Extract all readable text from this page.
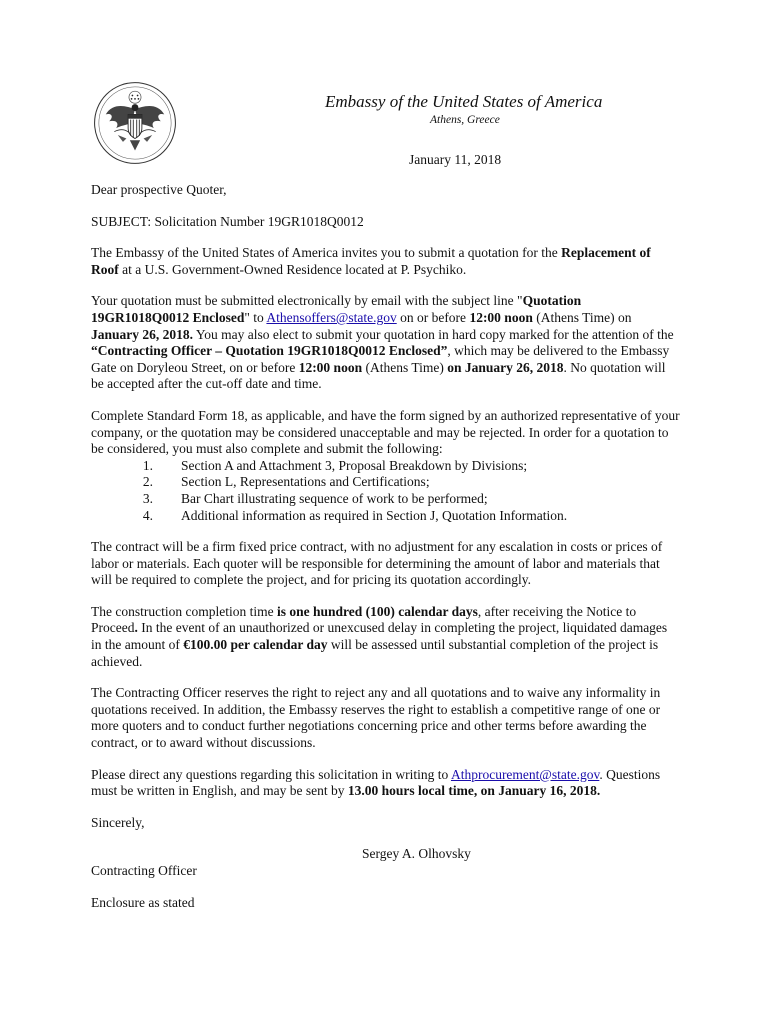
Embassy of the United States of America
Athens, Greece
January 11, 2018

Dear prospective Quoter,

SUBJECT: Solicitation Number 19GR1018Q0012

The Embassy of the United States of America invites you to submit a quotation for the Replacement of Roof at a U.S. Government-Owned Residence located at P. Psychiko.

Your quotation must be submitted electronically by email with the subject line "Quotation 19GR1018Q0012 Enclosed" to Athensoffers@state.gov on or before 12:00 noon (Athens Time) on January 26, 2018. You may also elect to submit your quotation in hard copy marked for the attention of the “Contracting Officer – Quotation 19GR1018Q0012 Enclosed”, which may be delivered to the Embassy Gate on Doryleou Street, on or before 12:00 noon (Athens Time) on January 26, 2018. No quotation will be accepted after the cut-off date and time.

Complete Standard Form 18, as applicable, and have the form signed by an authorized representative of your company, or the quotation may be considered unacceptable and may be rejected. In order for a quotation to be considered, you must also complete and submit the following:
1.	Section A and Attachment 3, Proposal Breakdown by Divisions;
2.	Section L, Representations and Certifications;
3.	Bar Chart illustrating sequence of work to be performed;
4.	Additional information as required in Section J, Quotation Information.

The contract will be a firm fixed price contract, with no adjustment for any escalation in costs or prices of labor or materials. Each quoter will be responsible for determining the amount of labor and materials that will be required to complete the project, and for pricing its quotation accordingly.

The construction completion time is one hundred (100) calendar days, after receiving the Notice to Proceed. In the event of an unauthorized or unexcused delay in completing the project, liquidated damages in the amount of €100.00 per calendar day will be assessed until substantial completion of the project is achieved.

The Contracting Officer reserves the right to reject any and all quotations and to waive any informality in quotations received. In addition, the Embassy reserves the right to establish a competitive range of one or more quoters and to conduct further negotiations concerning price and other terms before awarding the contract, or to award without discussions.

Please direct any questions regarding this solicitation in writing to Athprocurement@state.gov. Questions must be written in English, and may be sent by 13.00 hours local time, on January 16, 2018.

Sincerely,

Sergey A. Olhovsky

Contracting Officer

Enclosure as stated
